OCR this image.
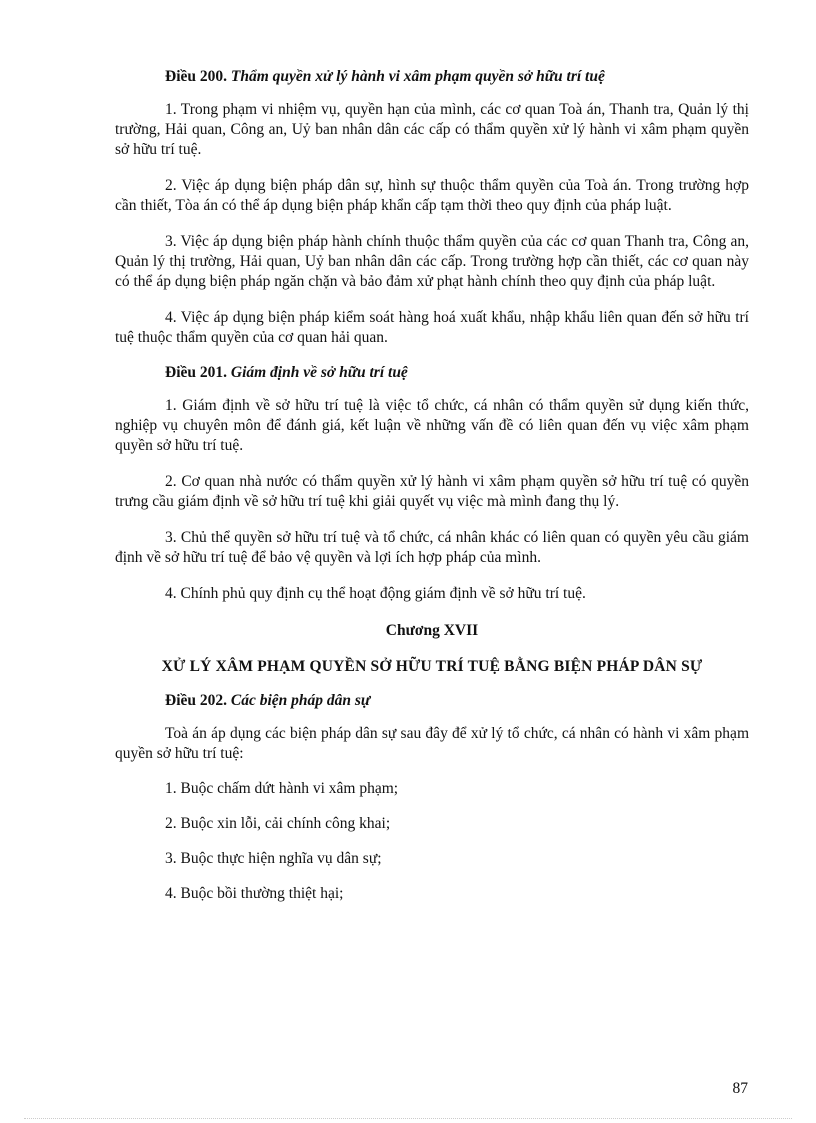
Điều 200. Thẩm quyền xử lý hành vi xâm phạm quyền sở hữu trí tuệ

1. Trong phạm vi nhiệm vụ, quyền hạn của mình, các cơ quan Toà án, Thanh tra, Quản lý thị trường, Hải quan, Công an, Uỷ ban nhân dân các cấp có thẩm quyền xử lý hành vi xâm phạm quyền sở hữu trí tuệ.

2. Việc áp dụng biện pháp dân sự, hình sự thuộc thẩm quyền của Toà án. Trong trường hợp cần thiết, Tòa án có thể áp dụng biện pháp khẩn cấp tạm thời theo quy định của pháp luật.

3. Việc áp dụng biện pháp hành chính thuộc thẩm quyền của các cơ quan Thanh tra, Công an, Quản lý thị trường, Hải quan, Uỷ ban nhân dân các cấp. Trong trường hợp cần thiết, các cơ quan này có thể áp dụng biện pháp ngăn chặn và bảo đảm xử phạt hành chính theo quy định của pháp luật.

4. Việc áp dụng biện pháp kiểm soát hàng hoá xuất khẩu, nhập khẩu liên quan đến sở hữu trí tuệ thuộc thẩm quyền của cơ quan hải quan.

Điều 201. Giám định về sở hữu trí tuệ

1. Giám định về sở hữu trí tuệ là việc tổ chức, cá nhân có thẩm quyền sử dụng kiến thức, nghiệp vụ chuyên môn để đánh giá, kết luận về những vấn đề có liên quan đến vụ việc xâm phạm quyền sở hữu trí tuệ.

2. Cơ quan nhà nước có thẩm quyền xử lý hành vi xâm phạm quyền sở hữu trí tuệ có quyền trưng cầu giám định về sở hữu trí tuệ khi giải quyết vụ việc mà mình đang thụ lý.

3. Chủ thể quyền sở hữu trí tuệ và tổ chức, cá nhân khác có liên quan có quyền yêu cầu giám định về sở hữu trí tuệ để bảo vệ quyền và lợi ích hợp pháp của mình.

4. Chính phủ quy định cụ thể hoạt động giám định về sở hữu trí tuệ.

Chương XVII
XỬ LÝ XÂM PHẠM QUYỀN SỞ HỮU TRÍ TUỆ BẰNG BIỆN PHÁP DÂN SỰ
Điều 202. Các biện pháp dân sự

Toà án áp dụng các biện pháp dân sự sau đây để xử lý tổ chức, cá nhân có hành vi xâm phạm quyền sở hữu trí tuệ:

1. Buộc chấm dứt hành vi xâm phạm;
2. Buộc xin lỗi, cải chính công khai;
3. Buộc thực hiện nghĩa vụ dân sự;
4. Buộc bồi thường thiệt hại;
87
